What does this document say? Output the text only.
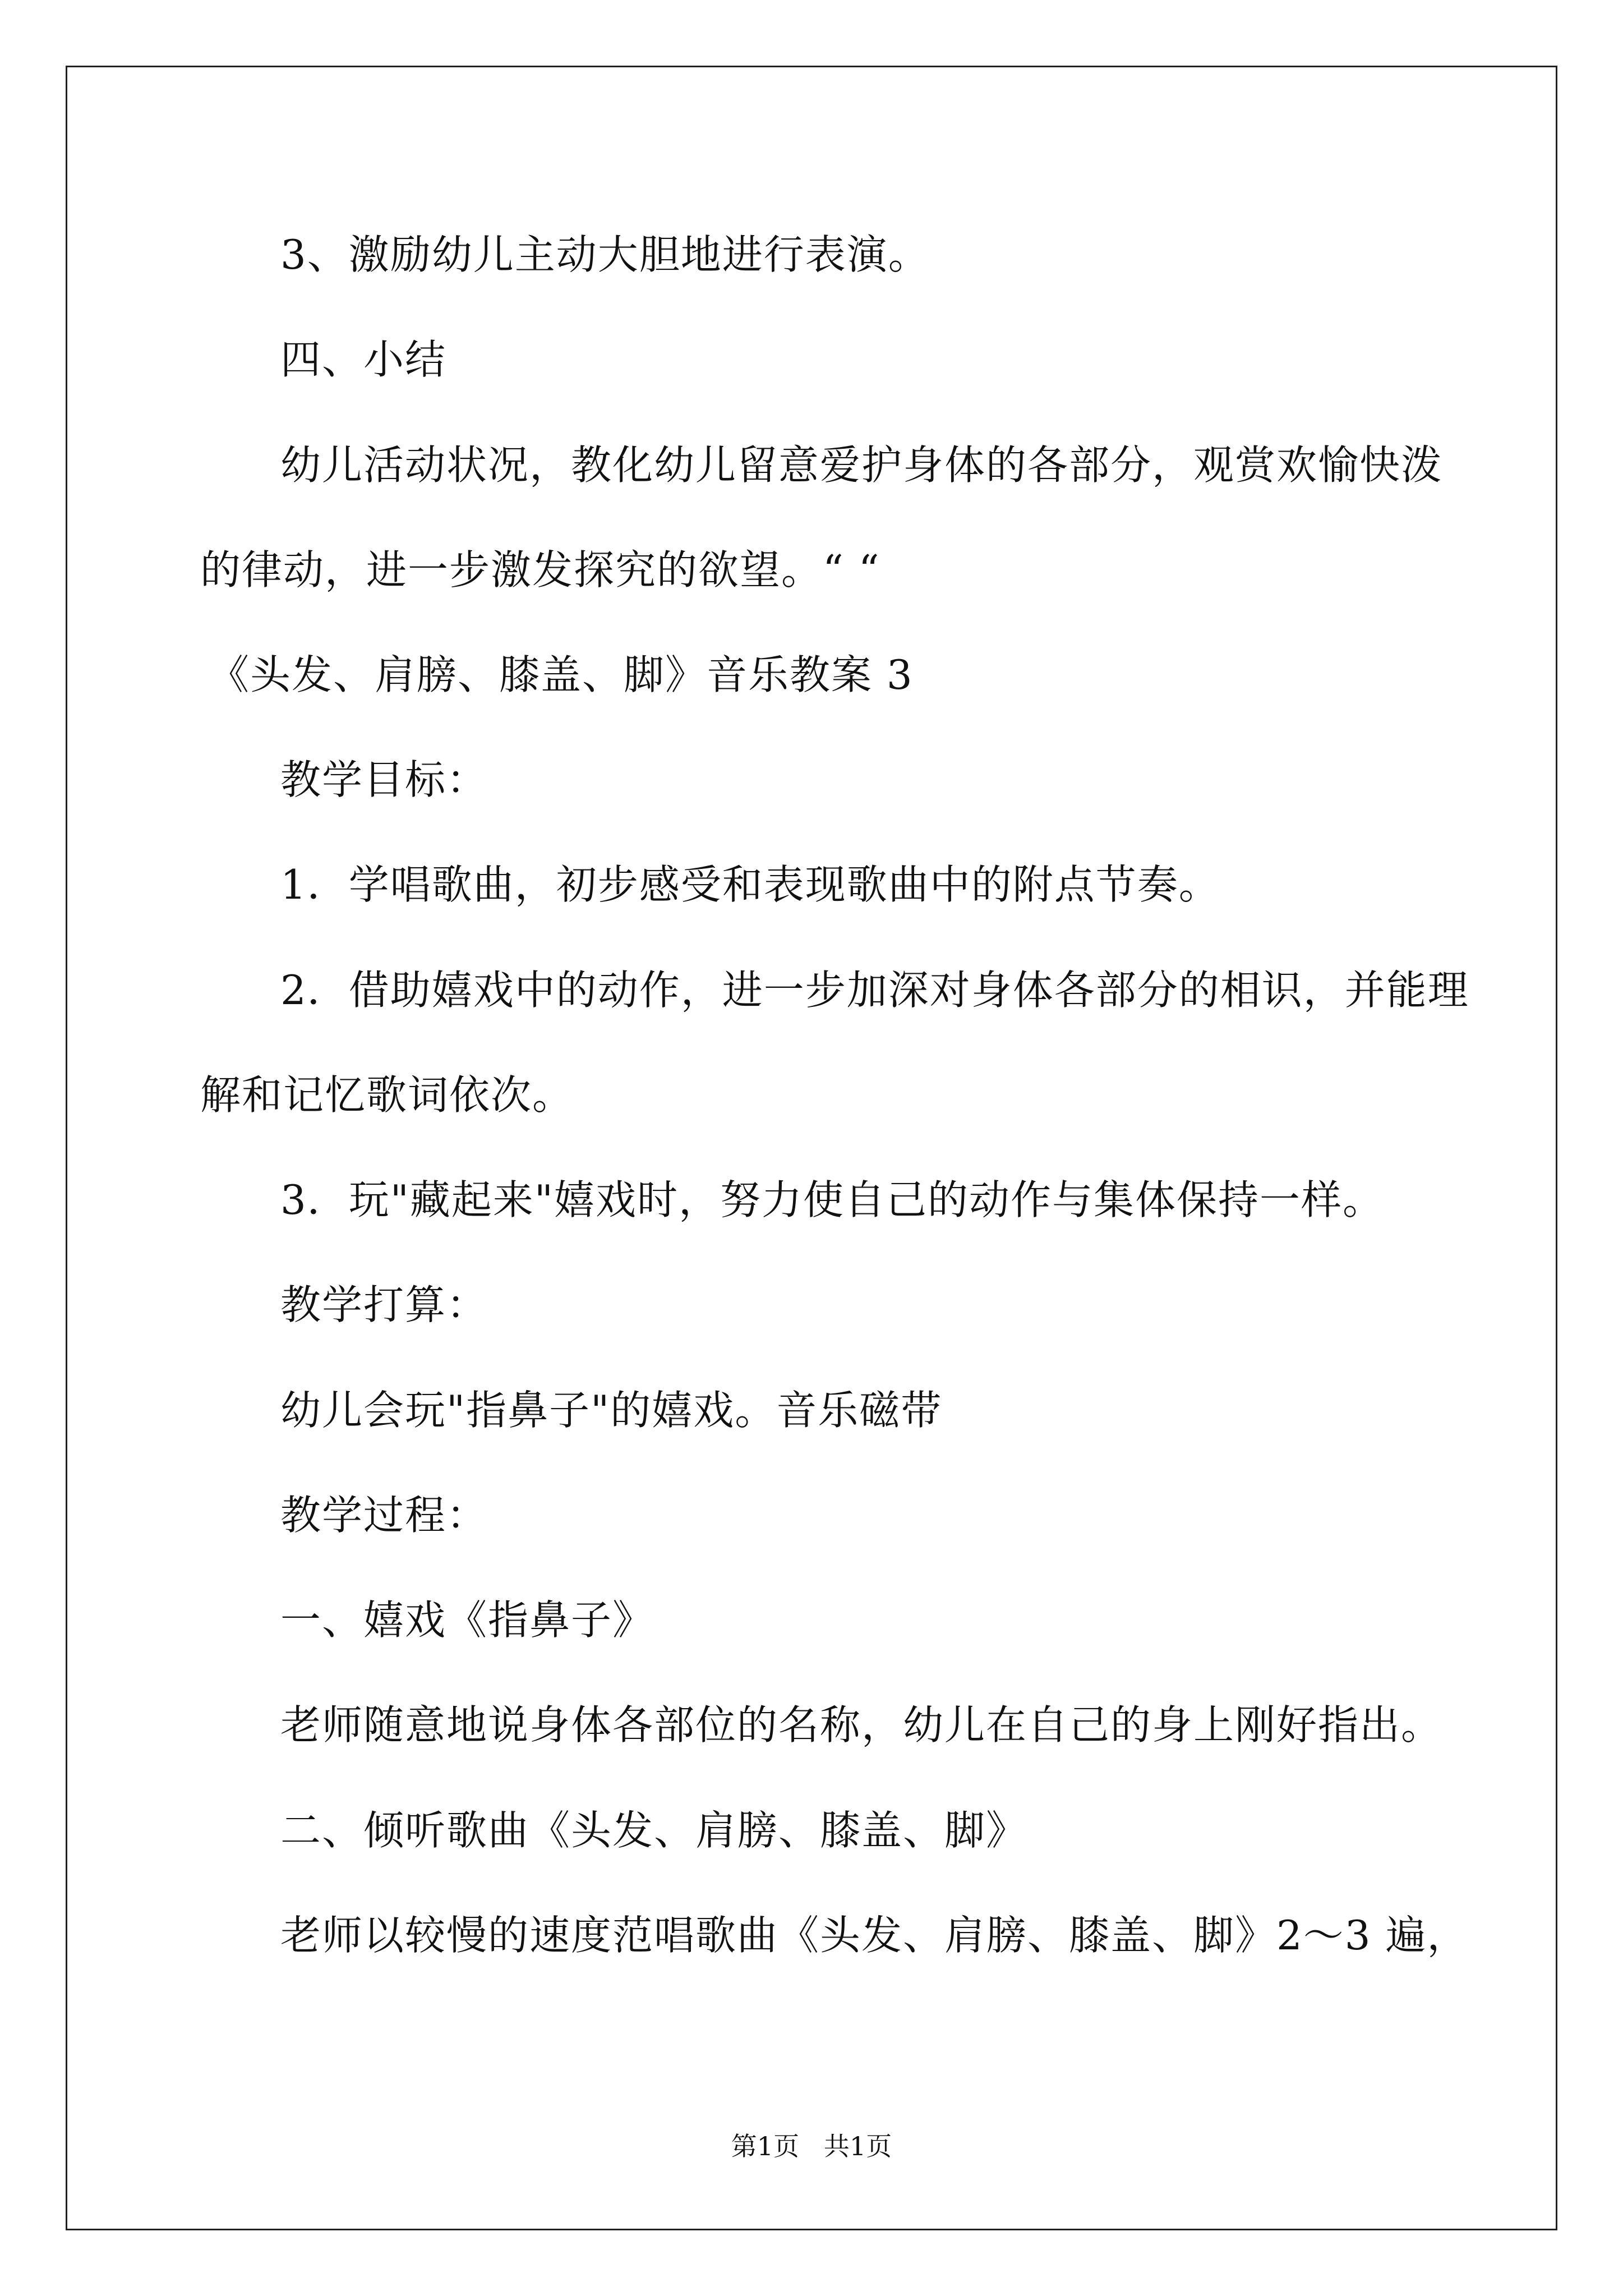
3、激励幼儿主动大胆地进行表演。
四、小结
幼儿活动状况，教化幼儿留意爱护身体的各部分，观赏欢愉快泼
的律动，进一步激发探究的欲望。“ “
《头发、肩膀、膝盖、脚》音乐教案 3
教学目标：
1．学唱歌曲，初步感受和表现歌曲中的附点节奏。
2．借助嬉戏中的动作，进一步加深对身体各部分的相识，并能理
解和记忆歌词依次。
3．玩"藏起来"嬉戏时，努力使自己的动作与集体保持一样。
教学打算：
幼儿会玩"指鼻子"的嬉戏。音乐磁带
教学过程：
一、嬉戏《指鼻子》
老师随意地说身体各部位的名称，幼儿在自己的身上刚好指出。
二、倾听歌曲《头发、肩膀、膝盖、脚》
老师以较慢的速度范唱歌曲《头发、肩膀、膝盖、脚》2～3 遍，
第1页   共1页
